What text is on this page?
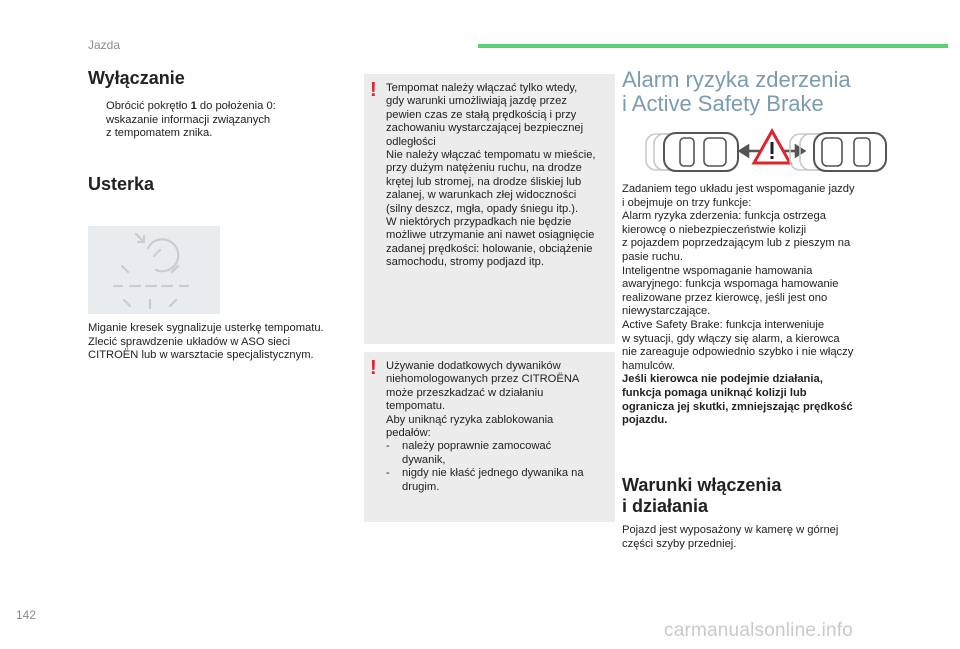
Jazda
Wyłączanie
Obrócić pokrętło 1 do położenia 0:
wskazanie informacji związanych
z tempomatem znika.
Usterka
Miganie kresek sygnalizuje usterkę tempomatu.
Zlecić sprawdzenie układów w ASO sieci
CITROËN lub w warsztacie specjalistycznym.
! Tempomat należy włączać tylko wtedy,

gdy warunki umożliwiają jazdę przez

pewien czas ze stałą prędkością i przy

zachowaniu wystarczającej bezpiecznej

odległości

Nie należy włączać tempomatu w mieście,

przy dużym natężeniu ruchu, na drodze

krętej lub stromej, na drodze śliskiej lub

zalanej, w warunkach złej widoczności

(silny deszcz, mgła, opady śniegu itp.).

W niektórych przypadkach nie będzie

możliwe utrzymanie ani nawet osiągnięcie

zadanej prędkości: holowanie, obciążenie

samochodu, stromy podjazd itp.

! Używanie dodatkowych dywaników

niehomologowanych przez CITROËNA

może przeszkadzać w działaniu

tempomatu.

Aby uniknąć ryzyka zablokowania

pedałów:

-	należy poprawnie zamocować
dywanik,
-	nigdy nie kłaść jednego dywanika na
drugim.
Alarm ryzyka zderzenia
i Active Safety Brake
Zadaniem tego układu jest wspomaganie jazdy
i obejmuje on trzy funkcje:
Alarm ryzyka zderzenia: funkcja ostrzega
kierowcę o niebezpieczeństwie kolizji
z pojazdem poprzedzającym lub z pieszym na
pasie ruchu.
Inteligentne wspomaganie hamowania
awaryjnego: funkcja wspomaga hamowanie
realizowane przez kierowcę, jeśli jest ono
niewystarczające.
Active Safety Brake: funkcja interweniuje
w sytuacji, gdy włączy się alarm, a kierowca
nie zareaguje odpowiednio szybko i nie włączy
hamulców.
Jeśli kierowca nie podejmie działania,
funkcja pomaga uniknąć kolizji lub
ogranicza jej skutki, zmniejszając prędkość
pojazdu.
Warunki włączenia
i działania
Pojazd jest wyposażony w kamerę w górnej
części szyby przedniej.
142
carmanualsonline.info
